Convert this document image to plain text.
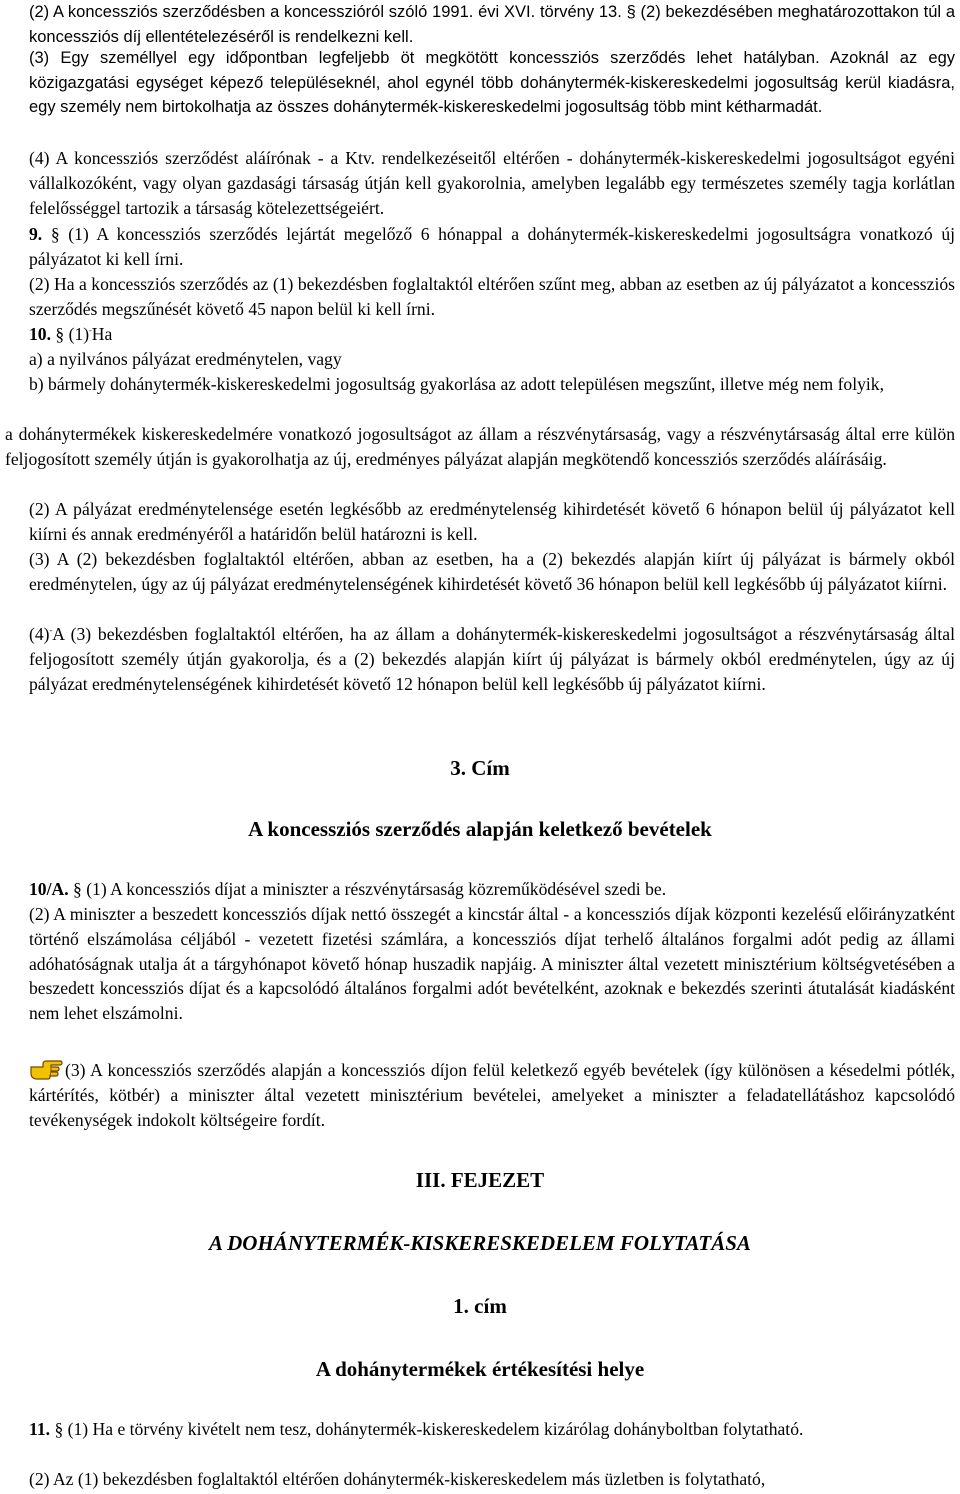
(2) A koncessziós szerződésben a koncesszióról szóló 1991. évi XVI. törvény 13. § (2) bekezdésében meghatározottakon túl a koncessziós díj ellentételezéséről is rendelkezni kell.

(3) Egy személlyel egy időpontban legfeljebb öt megkötött koncessziós szerződés lehet hatályban. Azoknál az egy közigazgatási egységet képező településeknél, ahol egynél több dohánytermék-kiskereskedelmi jogosultság kerül kiadásra, egy személy nem birtokolhatja az összes dohánytermék-kiskereskedelmi jogosultság több mint kétharmadát.

(4) A koncessziós szerződést aláírónak - a Ktv. rendelkezéseitől eltérően - dohánytermék-kiskereskedelmi jogosultságot egyéni vállalkozóként, vagy olyan gazdasági társaság útján kell gyakorolnia, amelyben legalább egy természetes személy tagja korlátlan felelősséggel tartozik a társaság kötelezettségeiért.

9. § (1) A koncessziós szerződés lejártát megelőző 6 hónappal a dohánytermék-kiskereskedelmi jogosultságra vonatkozó új pályázatot ki kell írni.

(2) Ha a koncessziós szerződés az (1) bekezdésben foglaltaktól eltérően szűnt meg, abban az esetben az új pályázatot a koncessziós szerződés megszűnését követő 45 napon belül ki kell írni.

10. § (1)-Ha

a) a nyilvános pályázat eredménytelen, vagy

b) bármely dohánytermék-kiskereskedelmi jogosultság gyakorlása az adott településen megszűnt, illetve még nem folyik,

a dohánytermékek kiskereskedelmére vonatkozó jogosultságot az állam a részvénytársaság, vagy a részvénytársaság által erre külön feljogosított személy útján is gyakorolhatja az új, eredményes pályázat alapján megkötendő koncessziós szerződés aláírásáig.

(2) A pályázat eredménytelensége esetén legkésőbb az eredménytelenség kihirdetését követő 6 hónapon belül új pályázatot kell kiírni és annak eredményéről a határidőn belül határozni is kell.

(3) A (2) bekezdésben foglaltaktól eltérően, abban az esetben, ha a (2) bekezdés alapján kiírt új pályázat is bármely okból eredménytelen, úgy az új pályázat eredménytelenségének kihirdetését követő 36 hónapon belül kell legkésőbb új pályázatot kiírni.

(4)-A (3) bekezdésben foglaltaktól eltérően, ha az állam a dohánytermék-kiskereskedelmi jogosultságot a részvénytársaság által feljogosított személy útján gyakorolja, és a (2) bekezdés alapján kiírt új pályázat is bármely okból eredménytelen, úgy az új pályázat eredménytelenségének kihirdetését követő 12 hónapon belül kell legkésőbb új pályázatot kiírni.

3. Cím

A koncessziós szerződés alapján keletkező bevételek

10/A. § (1) A koncessziós díjat a miniszter a részvénytársaság közreműködésével szedi be.

(2) A miniszter a beszedett koncessziós díjak nettó összegét a kincstár által - a koncessziós díjak központi kezelésű előirányzatként történő elszámolása céljából - vezetett fizetési számlára, a koncessziós díjat terhelő általános forgalmi adót pedig az állami adóhatóságnak utalja át a tárgyhónapot követő hónap huszadik napjáig. A miniszter által vezetett minisztérium költségvetésében a beszedett koncessziós díjat és a kapcsolódó általános forgalmi adót bevételként, azoknak e bekezdés szerinti átutalását kiadásként nem lehet elszámolni.

(3) A koncessziós szerződés alapján a koncessziós díjon felül keletkező egyéb bevételek (így különösen a késedelmi pótlék, kártérítés, kötbér) a miniszter által vezetett minisztérium bevételei, amelyeket a miniszter a feladatellátáshoz kapcsolódó tevékenységek indokolt költségeire fordít.

III. FEJEZET

A DOHÁNYTERMÉK-KISKERESKEDELEM FOLYTATÁSA

1. cím

A dohánytermékek értékesítési helye

11. § (1) Ha e törvény kivételt nem tesz, dohánytermék-kiskereskedelem kizárólag dohányboltban folytatható.

(2) Az (1) bekezdésben foglaltaktól eltérően dohánytermék-kiskereskedelem más üzletben is folytatható,
